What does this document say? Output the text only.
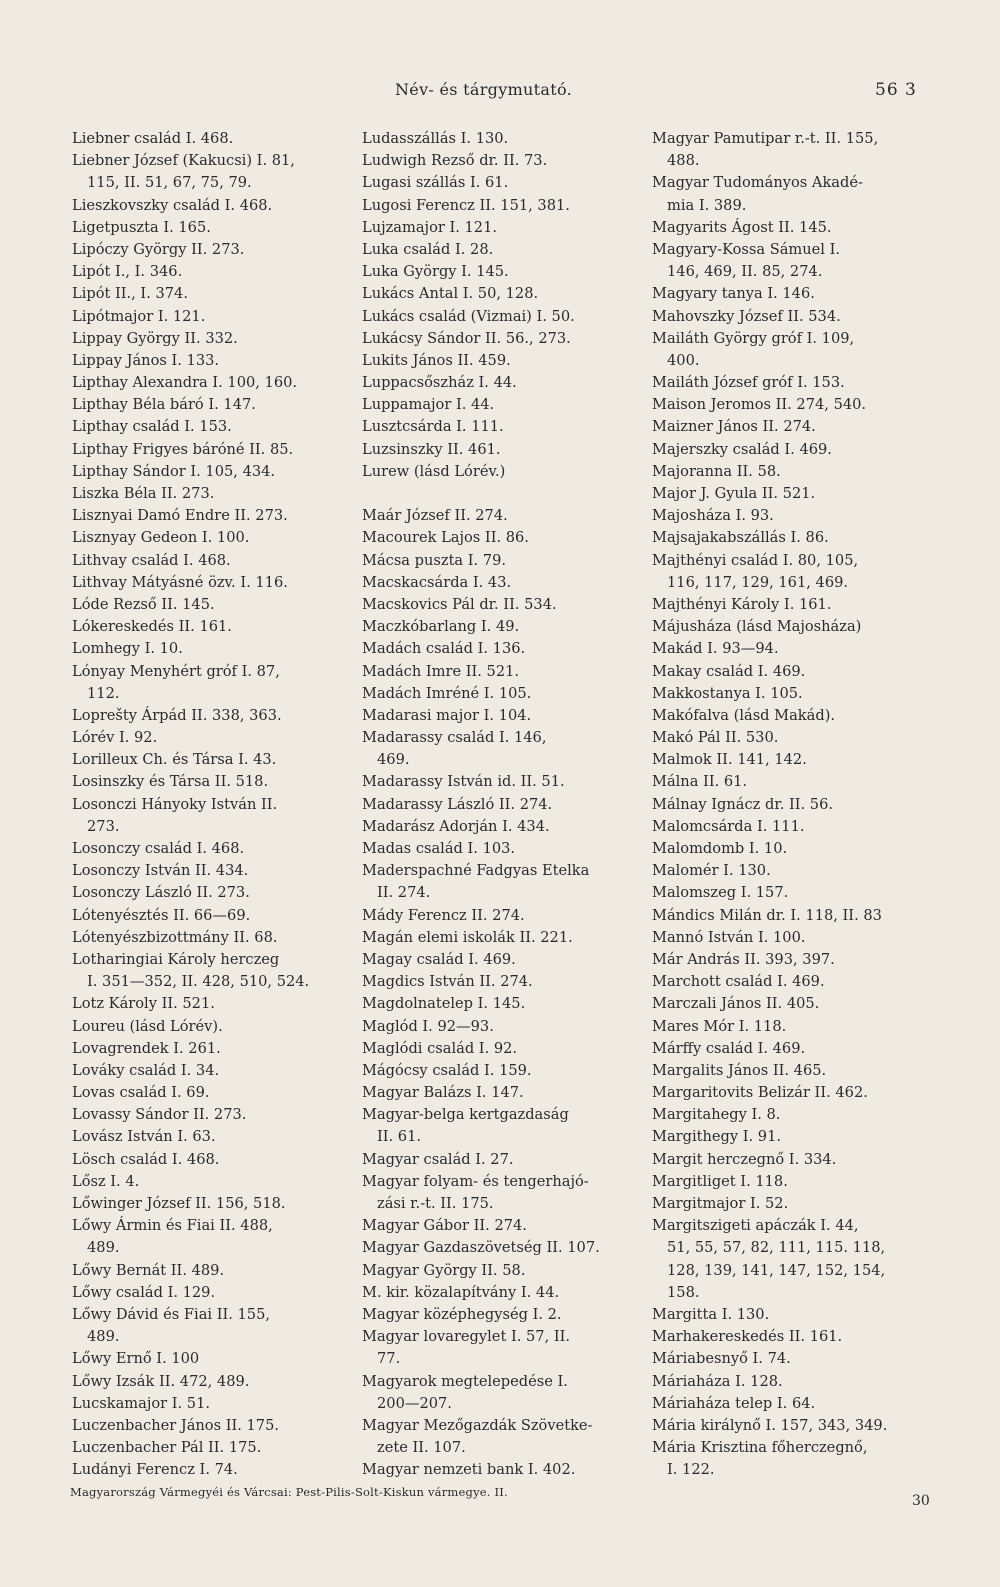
Név- és tárgymutató.	56 3
Liebner család I. 468.
Liebner József (Kakucsi) I. 81,
115, II. 51, 67, 75, 79.
Lieszkovszky család I. 468.
Ligetpuszta I. 165.
Lipóczy György II. 273.
Lipót I., I. 346.
Lipót II., I. 374.
Lipótmajor I. 121.
Lippay György II. 332.
Lippay János I. 133.
Lipthay Alexandra I. 100, 160.
Lipthay Béla báró I. 147.
Lipthay család I. 153.
Lipthay Frigyes báróné II. 85.
Lipthay Sándor I. 105, 434.
Liszka Béla II. 273.
Lisznyai Damó Endre II. 273.
Lisznyay Gedeon I. 100.
Lithvay család I. 468.
Lithvay Mátyásné özv. I. 116.
Lóde Rezső II. 145.
Lókereskedés II. 161.
Lomhegy I. 10.
Lónyay Menyhért gróf I. 87,
112.
Loprešty Árpád II. 338, 363.
Lórév I. 92.
Lorilleux Ch. és Társa I. 43.
Losinszky és Társa II. 518.
Losonczi Hányoky István II.
273.
Losonczy család I. 468.
Losonczy István II. 434.
Losonczy László II. 273.
Lótenyésztés II. 66—69.
Lótenyészbizottmány II. 68.
Lotharingiai Károly herczeg
I. 351—352, II. 428, 510, 524.
Lotz Károly II. 521.
Loureu (lásd Lórév).
Lovagrendek I. 261.
Lováky család I. 34.
Lovas család I. 69.
Lovassy Sándor II. 273.
Lovász István I. 63.
Lösch család I. 468.
Lősz I. 4.
Lőwinger József II. 156, 518.
Lőwy Ármin és Fiai II. 488,
489.
Lőwy Bernát II. 489.
Lőwy család I. 129.
Lőwy Dávid és Fiai II. 155,
489.
Lőwy Ernő I. 100
Lőwy Izsák II. 472, 489.
Lucskamajor I. 51.
Luczenbacher János II. 175.
Luczenbacher Pál II. 175.
Ludányi Ferencz I. 74.
Ludasszállás I. 130.
Ludwigh Rezső dr. II. 73.
Lugasi szállás I. 61.
Lugosi Ferencz II. 151, 381.
Lujzamajor I. 121.
Luka család I. 28.
Luka György I. 145.
Lukács Antal I. 50, 128.
Lukács család (Vizmai) I. 50.
Lukácsy Sándor II. 56., 273.
Lukits János II. 459.
Luppacsőszház I. 44.
Luppamajor I. 44.
Lusztcsárda I. 111.
Luzsinszky II. 461.
Lurew (lásd Lórév.)
Maár József II. 274.
Macourek Lajos II. 86.
Mácsa puszta I. 79.
Macskacsárda I. 43.
Macskovics Pál dr. II. 534.
Maczkóbarlang I. 49.
Madách család I. 136.
Madách Imre II. 521.
Madách Imréné I. 105.
Madarasi major I. 104.
Madarassy család I. 146,
469.
Madarassy István id. II. 51.
Madarassy László II. 274.
Madarász Adorján I. 434.
Madas család I. 103.
Maderspachné Fadgyas Etelka
II. 274.
Mády Ferencz II. 274.
Magán elemi iskolák II. 221.
Magay család I. 469.
Magdics István II. 274.
Magdolnatelep I. 145.
Maglód I. 92—93.
Maglódi család I. 92.
Mágócsy család I. 159.
Magyar Balázs I. 147.
Magyar-belga kertgazdaság
II. 61.
Magyar család I. 27.
Magyar folyam- és tengerhajó-
zási r.-t. II. 175.
Magyar Gábor II. 274.
Magyar Gazdaszövetség II. 107.
Magyar György II. 58.
M. kir. közalapítvány I. 44.
Magyar középhegység I. 2.
Magyar lovaregylet I. 57, II.
77.
Magyarok megtelepedése I.
200—207.
Magyar Mezőgazdák Szövetke-
zete II. 107.
Magyar nemzeti bank I. 402.
Magyar Pamutipar r.-t. II. 155,
488.
Magyar Tudományos Akadé-
mia I. 389.
Magyarits Ágost II. 145.
Magyary-Kossa Sámuel I.
146, 469, II. 85, 274.
Magyary tanya I. 146.
Mahovszky József II. 534.
Mailáth György gróf I. 109,
400.
Mailáth József gróf I. 153.
Maison Jeromos II. 274, 540.
Maizner János II. 274.
Majerszky család I. 469.
Majoranna II. 58.
Major J. Gyula II. 521.
Majosháza I. 93.
Majsajakabszállás I. 86.
Majthényi család I. 80, 105,
116, 117, 129, 161, 469.
Majthényi Károly I. 161.
Májusháza (lásd Majosháza)
Makád I. 93—94.
Makay család I. 469.
Makkostanya I. 105.
Makófalva (lásd Makád).
Makó Pál II. 530.
Malmok II. 141, 142.
Málna II. 61.
Málnay Ignácz dr. II. 56.
Malomcsárda I. 111.
Malomdomb I. 10.
Malomér I. 130.
Malomszeg I. 157.
Mándics Milán dr. I. 118, II. 83
Mannó István I. 100.
Már András II. 393, 397.
Marchott család I. 469.
Marczali János II. 405.
Mares Mór I. 118.
Márffy család I. 469.
Margalits János II. 465.
Margaritovits Belizár II. 462.
Margitahegy I. 8.
Margithegy I. 91.
Margit herczegnő I. 334.
Margitliget I. 118.
Margitmajor I. 52.
Margitszigeti apáczák I. 44,
51, 55, 57, 82, 111, 115. 118,
128, 139, 141, 147, 152, 154,
158.
Margitta I. 130.
Marhakereskedés II. 161.
Máriabesnyő I. 74.
Máriaháza I. 128.
Máriaháza telep I. 64.
Mária királynő I. 157, 343, 349.
Mária Krisztina főherczegnő,
I. 122.
Magyarország Vármegyéi és Várcsai: Pest-Pilis-Solt-Kiskun vármegye. II.
30
